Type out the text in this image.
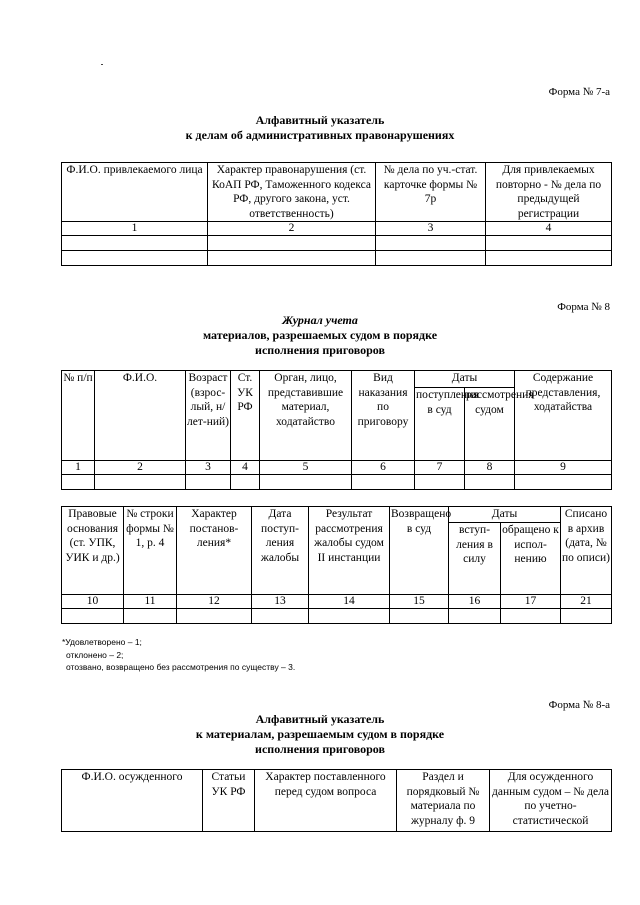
Форма № 7-а
Алфавитный указатель
к делам об административных правонарушениях
Ф.И.О. привлекаемого лица	Характер правонарушения (ст. КоАП РФ, Таможенного кодекса РФ, другого закона, уст. ответственность)	№ дела по уч.-стат. карточке формы № 7р	Для привлекаемых повторно - № дела по предыдущей регистрации
1	2	3	4

Форма № 8
Журнал учета
материалов, разрешаемых судом в порядке
исполнения приговоров
№ п/п	Ф.И.О.	Возраст (взрос-лый, н/лет-ний)	Ст. УК РФ	Орган, лицо, представившие материал, ходатайство	Вид наказания по приговору	Даты		Содержание представления, ходатайства
						поступления в суд	рассмотрения судом	
1	2	3	4	5	6	7	8	9

Правовые основания (ст. УПК, УИК и др.)	№ строки формы № 1, р. 4	Характер постанов-ления*	Дата поступ-ления жалобы	Результат рассмотрения жалобы судом II инстанции	Возвращено в суд	Даты		Списано в архив (дата, № по описи)
						вступ-ления в силу	обращено к испол-нению	
10	11	12	13	14	15	16	17	21

*Удовлетворено – 1;
отклонено – 2;
отозвано, возвращено без рассмотрения по существу – 3.
Форма № 8-а
Алфавитный указатель
к материалам, разрешаемым судом в порядке
исполнения приговоров
Ф.И.О. осужденного	Статьи УК РФ	Характер поставленного перед судом вопроса	Раздел и порядковый № материала по журналу ф. 9	Для осужденного данным судом – № дела по учетно-статистической
